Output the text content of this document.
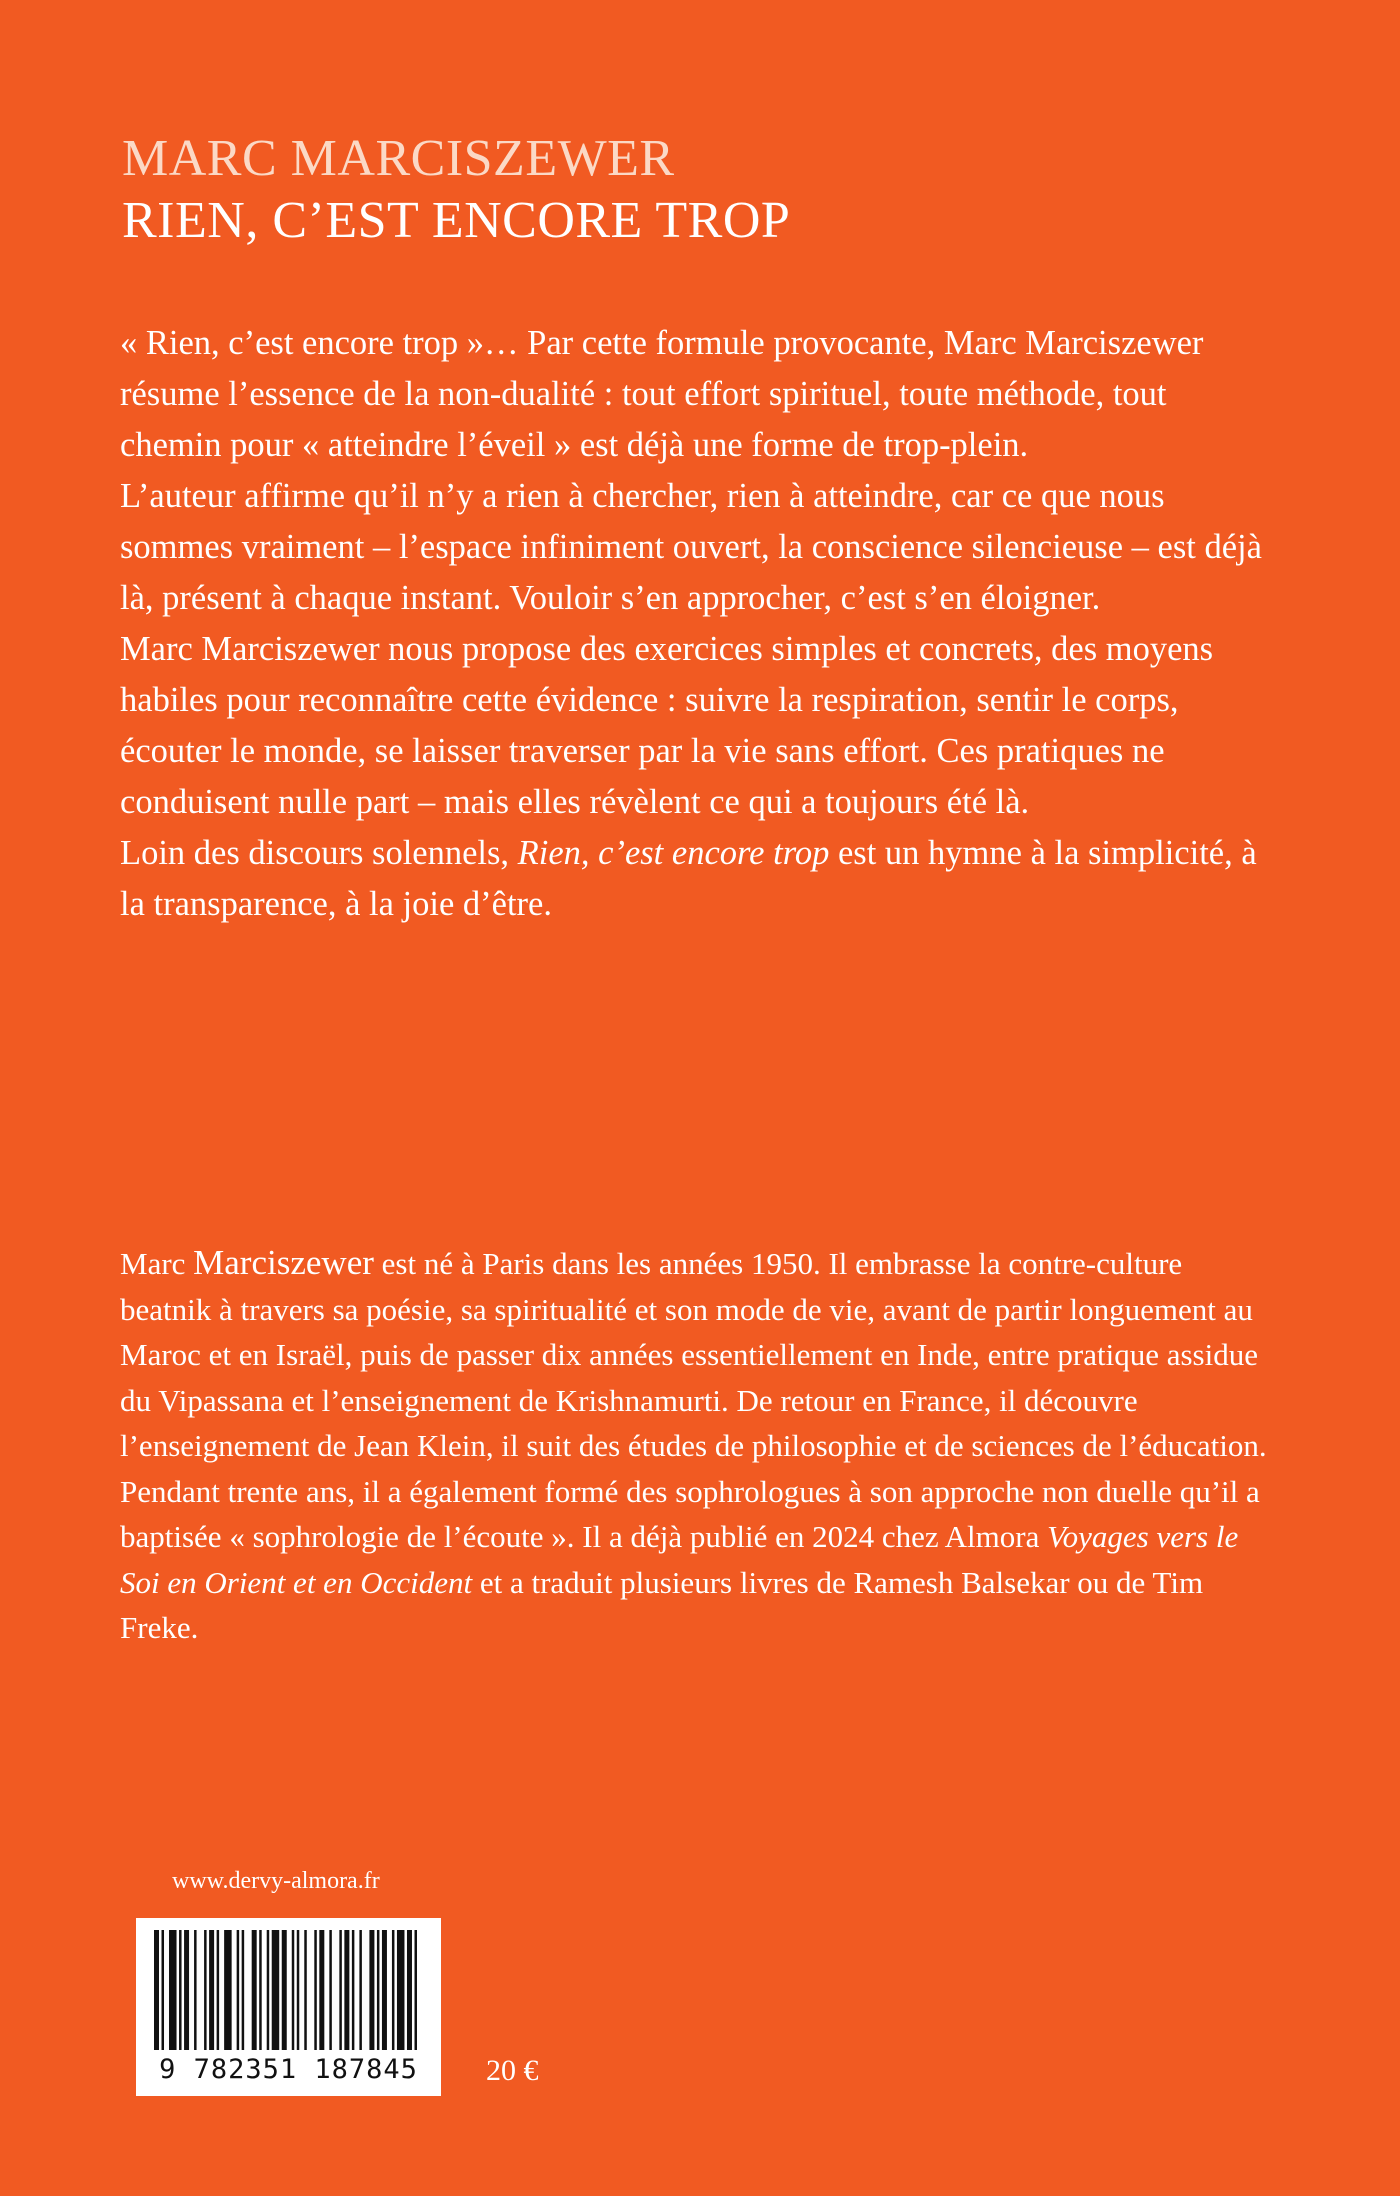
MARC MARCISZEWER
RIEN, C’EST ENCORE TROP

« Rien, c’est encore trop »… Par cette formule provocante, Marc Marciszewer résume l’essence de la non-dualité : tout effort spirituel, toute méthode, tout chemin pour « atteindre l’éveil » est déjà une forme de trop-plein.

L’auteur affirme qu’il n’y a rien à chercher, rien à atteindre, car ce que nous sommes vraiment – l’espace infiniment ouvert, la conscience silencieuse – est déjà là, présent à chaque instant. Vouloir s’en approcher, c’est s’en éloigner.

Marc Marciszewer nous propose des exercices simples et concrets, des moyens habiles pour reconnaître cette évidence : suivre la respiration, sentir le corps, écouter le monde, se laisser traverser par la vie sans effort. Ces pratiques ne conduisent nulle part – mais elles révèlent ce qui a toujours été là.

Loin des discours solennels, Rien, c’est encore trop est un hymne à la simplicité, à la transparence, à la joie d’être.

Marc Marciszewer est né à Paris dans les années 1950. Il embrasse la contre-culture beatnik à travers sa poésie, sa spiritualité et son mode de vie, avant de partir longuement au Maroc et en Israël, puis de passer dix années essentiellement en Inde, entre pratique assidue du Vipassana et l’enseignement de Krishnamurti. De retour en France, il découvre l’enseignement de Jean Klein, il suit des études de philosophie et de sciences de l’éducation. Pendant trente ans, il a également formé des sophrologues à son approche non duelle qu’il a baptisée « sophrologie de l’écoute ». Il a déjà publié en 2024 chez Almora Voyages vers le Soi en Orient et en Occident et a traduit plusieurs livres de Ramesh Balsekar ou de Tim Freke.

www.dervy-almora.fr
9 782351 187845	20 €
